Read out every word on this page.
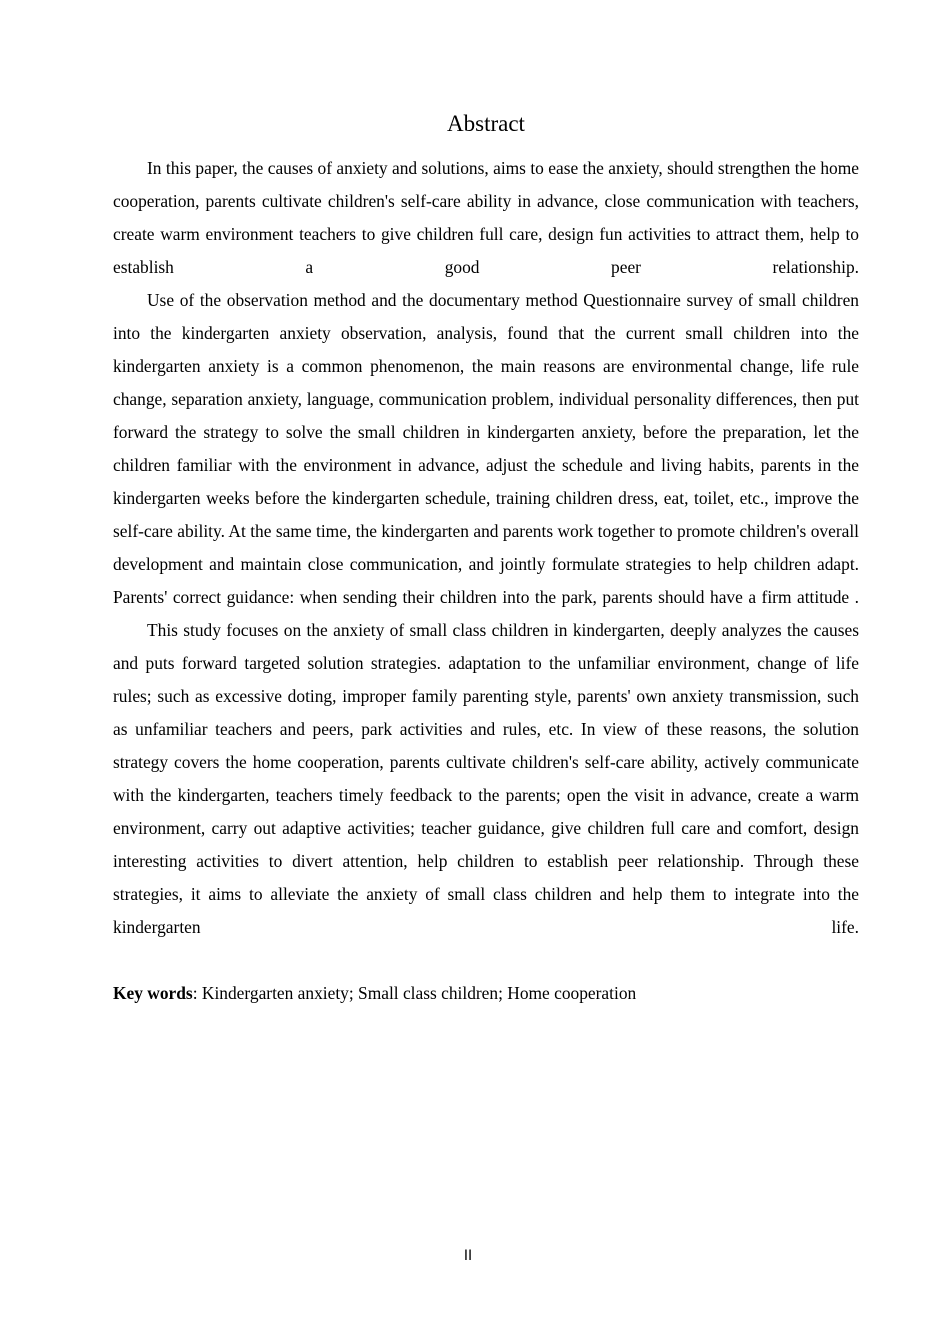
Abstract

In this paper, the causes of anxiety and solutions, aims to ease the anxiety, should strengthen the home cooperation, parents cultivate children's self-care ability in advance, close communication with teachers, create warm environment teachers to give children full care, design fun activities to attract them, help to establish a good peer relationship.

Use of the observation method and the documentary method Questionnaire survey of small children into the kindergarten anxiety observation, analysis, found that the current small children into the kindergarten anxiety is a common phenomenon, the main reasons are environmental change, life rule change, separation anxiety, language, communication problem, individual personality differences, then put forward the strategy to solve the small children in kindergarten anxiety, before the preparation, let the children familiar with the environment in advance, adjust the schedule and living habits, parents in the kindergarten weeks before the kindergarten schedule, training children dress, eat, toilet, etc., improve the self-care ability. At the same time, the kindergarten and parents work together to promote children's overall development and maintain close communication, and jointly formulate strategies to help children adapt. Parents' correct guidance: when sending their children into the park, parents should have a firm attitude .

This study focuses on the anxiety of small class children in kindergarten, deeply analyzes the causes and puts forward targeted solution strategies. adaptation to the unfamiliar environment, change of life rules; such as excessive doting, improper family parenting style, parents' own anxiety transmission, such as unfamiliar teachers and peers, park activities and rules, etc. In view of these reasons, the solution strategy covers the home cooperation, parents cultivate children's self-care ability, actively communicate with the kindergarten, teachers timely feedback to the parents; open the visit in advance, create a warm environment, carry out adaptive activities; teacher guidance, give children full care and comfort, design interesting activities to divert attention, help children to establish peer relationship. Through these strategies, it aims to alleviate the anxiety of small class children and help them to integrate into the kindergarten life.

Key words: Kindergarten anxiety; Small class children; Home cooperation

II
